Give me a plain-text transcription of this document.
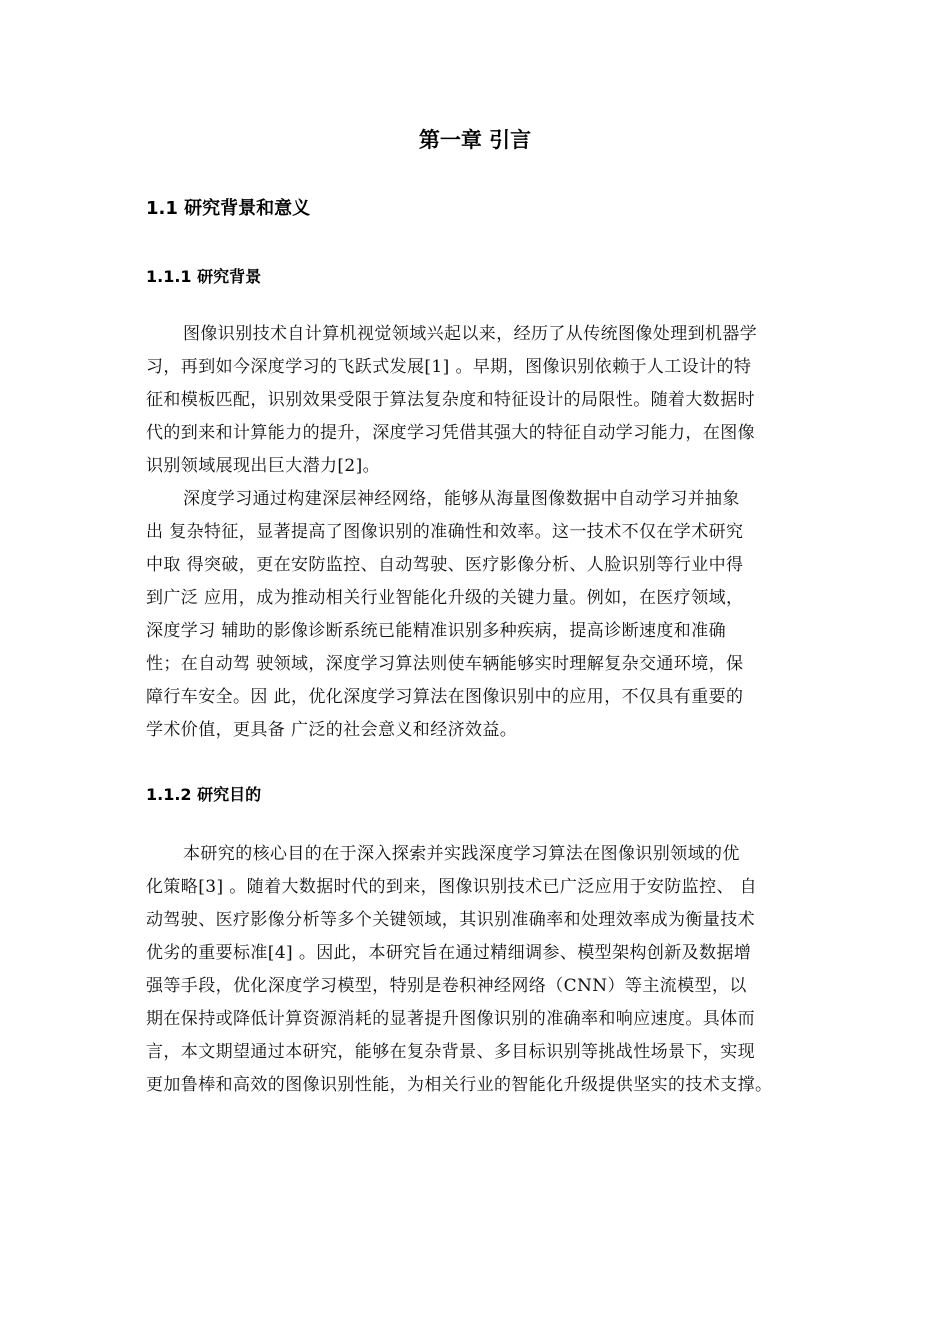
第一章 引言
1.1 研究背景和意义
1.1.1 研究背景
图像识别技术自计算机视觉领域兴起以来，经历了从传统图像处理到机器学
习，再到如今深度学习的飞跃式发展[1] 。早期，图像识别依赖于人工设计的特
征和模板匹配，识别效果受限于算法复杂度和特征设计的局限性。随着大数据时
代的到来和计算能力的提升，深度学习凭借其强大的特征自动学习能力，在图像
识别领域展现出巨大潜力[2]。
深度学习通过构建深层神经网络，能够从海量图像数据中自动学习并抽象
出 复杂特征，显著提高了图像识别的准确性和效率。这一技术不仅在学术研究
中取 得突破，更在安防监控、自动驾驶、医疗影像分析、人脸识别等行业中得
到广泛 应用，成为推动相关行业智能化升级的关键力量。例如，在医疗领域，
深度学习 辅助的影像诊断系统已能精准识别多种疾病，提高诊断速度和准确
性；在自动驾 驶领域，深度学习算法则使车辆能够实时理解复杂交通环境，保
障行车安全。因 此，优化深度学习算法在图像识别中的应用，不仅具有重要的
学术价值，更具备 广泛的社会意义和经济效益。
1.1.2 研究目的
本研究的核心目的在于深入探索并实践深度学习算法在图像识别领域的优
化策略[3] 。随着大数据时代的到来，图像识别技术已广泛应用于安防监控、 自
动驾驶、医疗影像分析等多个关键领域，其识别准确率和处理效率成为衡量技术
优劣的重要标准[4] 。因此，本研究旨在通过精细调参、模型架构创新及数据增
强等手段，优化深度学习模型，特别是卷积神经网络（CNN）等主流模型，以
期在保持或降低计算资源消耗的显著提升图像识别的准确率和响应速度。具体而
言，本文期望通过本研究，能够在复杂背景、多目标识别等挑战性场景下，实现
更加鲁棒和高效的图像识别性能，为相关行业的智能化升级提供坚实的技术支撑。
